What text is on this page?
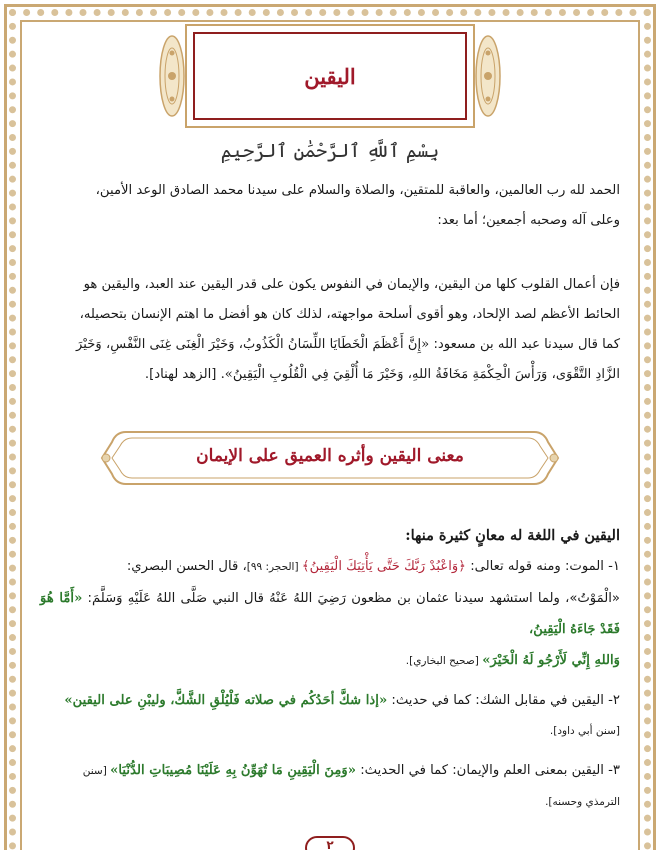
اليقين
بِسْمِ ٱللَّهِ ٱلرَّحْمَٰنِ ٱلرَّحِيمِ
الحمد لله رب العالمين، والعاقبة للمتقين، والصلاة والسلام على سيدنا محمد الصادق الوعد الأمين،
وعلى آله وصحبه أجمعين؛ أما بعد:
فإن أعمال القلوب كلها من اليقين، والإيمان في النفوس يكون على قدر اليقين عند العبد، واليقين هو
الحائط الأعظم لصد الإلحاد، وهو أقوى أسلحة مواجهته، لذلك كان هو أفضل ما اهتم الإنسان بتحصيله،
كما قال سيدنا عبد الله بن مسعود: «إِنَّ أَعْظَمَ الْخَطَايَا اللِّسَانُ الْكَذُوبُ، وَخَيْرَ الْغِنَى غِنَى النَّفْسِ، وَخَيْرَ
الزَّادِ التَّقْوَى، وَرَأْسَ الْحِكْمَةِ مَخَافَةُ اللهِ، وَخَيْرَ مَا أُلْقِيَ فِي الْقُلُوبِ الْيَقِينُ». [الزهد لهناد].
معنى اليقين وأثره العميق على الإيمان
اليقين في اللغة له معانٍ كثيرة منها:
١- الموت: ومنه قوله تعالى: ﴿وَاعْبُدْ رَبَّكَ حَتَّى يَأْتِيَكَ الْيَقِينُ﴾ [الحجر: ٩٩]، قال الحسن البصري:
«الْمَوْتُ»، ولما استشهد سيدنا عثمان بن مظعون رَضِيَ اللهُ عَنْهُ قال النبي صَلَّى اللهُ عَلَيْهِ وَسَلَّمَ: «أَمَّا هُوَ فَقَدْ جَاءَهُ الْيَقِينُ،
وَاللهِ إِنِّي لَأَرْجُو لَهُ الْخَيْرَ» [صحيح البخاري].
٢- اليقين في مقابل الشك: كما في حديث: «إذا شكَّ أحَدُكُم في صلاته فَلْيُلْقِ الشَّكَّ، وليبْنِ على اليقين»
[سنن أبي داود].
٣- اليقين بمعنى العلم والإيمان: كما في الحديث: «وَمِنَ الْيَقِينِ مَا تُهَوِّنُ بِهِ عَلَيْنَا مُصِيبَاتِ الدُّنْيَا» [سنن
الترمذي وحسنه].
٢
